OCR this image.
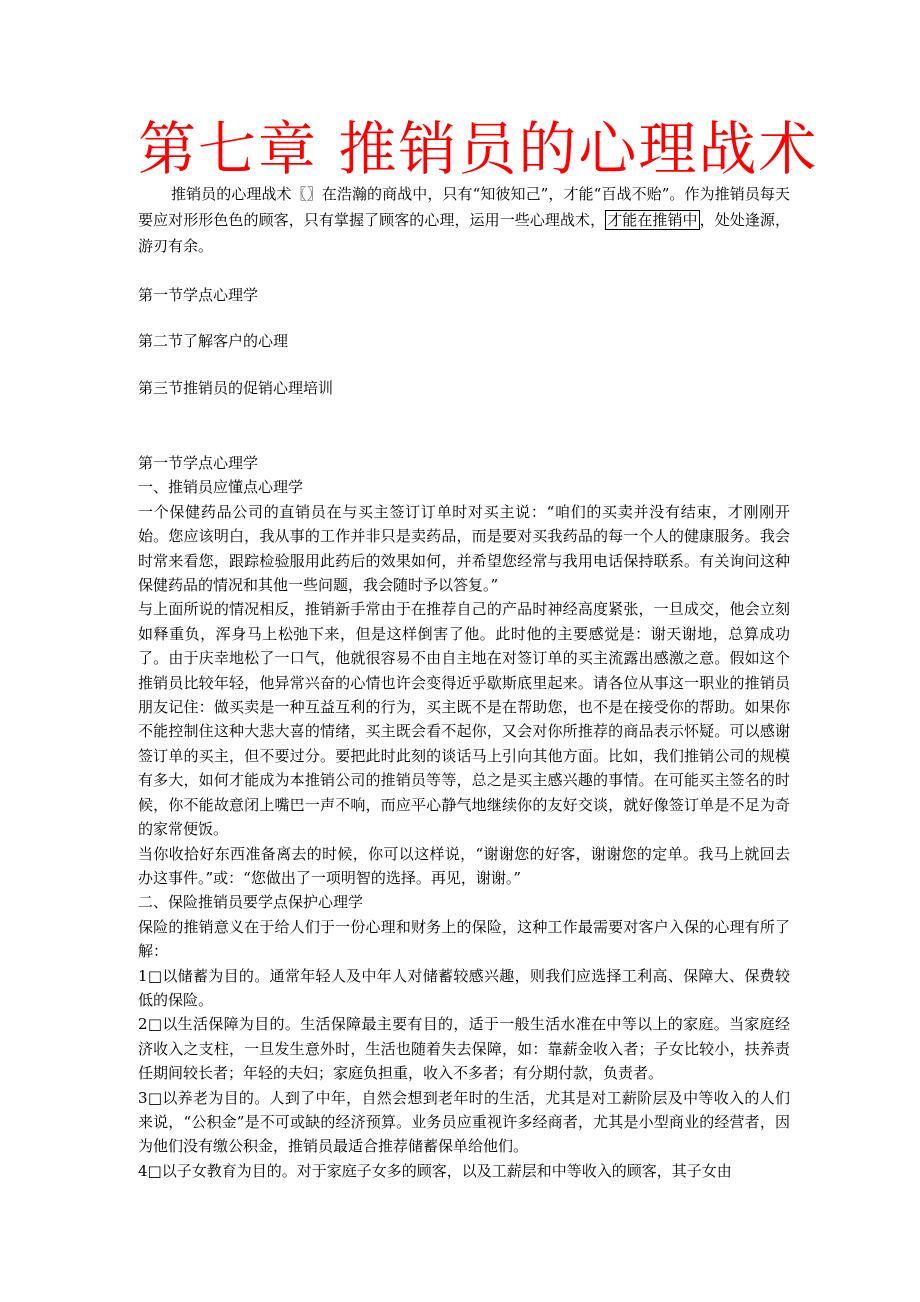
第七章 推销员的心理战术
推销员的心理战术〖〗在浩瀚的商战中，只有“知彼知己”，才能“百战不贻”。作为推销员每天要应对形形色色的顾客，只有掌握了顾客的心理，运用一些心理战术， 才能在推销中 ，处处逢源，游刃有余。
第一节学点心理学
第二节了解客户的心理
第三节推销员的促销心理培训

第一节学点心理学

一、推销员应懂点心理学

一个保健药品公司的直销员在与买主签订订单时对买主说：“咱们的买卖并没有结束，才刚刚开始。您应该明白，我从事的工作并非只是卖药品，而是要对买我药品的每一个人的健康服务。我会时常来看您，跟踪检验服用此药后的效果如何，并希望您经常与我用电话保持联系。有关询问这种保健药品的情况和其他一些问题，我会随时予以答复。”

与上面所说的情况相反，推销新手常由于在推荐自己的产品时神经高度紧张，一旦成交，他会立刻如释重负，浑身马上松弛下来，但是这样倒害了他。此时他的主要感觉是：谢天谢地，总算成功了。由于庆幸地松了一口气，他就很容易不由自主地在对签订单的买主流露出感激之意。假如这个推销员比较年轻，他异常兴奋的心情也许会变得近乎歇斯底里起来。请各位从事这一职业的推销员朋友记住：做买卖是一种互益互利的行为，买主既不是在帮助您，也不是在接受你的帮助。如果你不能控制住这种大悲大喜的情绪，买主既会看不起你，又会对你所推荐的商品表示怀疑。可以感谢签订单的买主，但不要过分。要把此时此刻的谈话马上引向其他方面。比如，我们推销公司的规模有多大，如何才能成为本推销公司的推销员等等，总之是买主感兴趣的事情。在可能买主签名的时候，你不能故意闭上嘴巴一声不响，而应平心静气地继续你的友好交谈，就好像签订单是不足为奇的家常便饭。

当你收拾好东西准备离去的时候，你可以这样说，“谢谢您的好客，谢谢您的定单。我马上就回去办这事件。”或：“您做出了一项明智的选择。再见，谢谢。”

二、保险推销员要学点保护心理学

保险的推销意义在于给人们于一份心理和财务上的保险，这种工作最需要对客户入保的心理有所了解：

1□以储蓄为目的。通常年轻人及中年人对储蓄较感兴趣，则我们应选择工利高、保障大、保费较低的保险。

2□以生活保障为目的。生活保障最主要有目的，适于一般生活水准在中等以上的家庭。当家庭经济收入之支柱，一旦发生意外时，生活也随着失去保障，如：靠薪金收入者；子女比较小，扶养责任期间较长者；年轻的夫妇；家庭负担重，收入不多者；有分期付款，负责者。

3□以养老为目的。人到了中年，自然会想到老年时的生活，尤其是对工薪阶层及中等收入的人们来说，“公积金”是不可或缺的经济预算。业务员应重视许多经商者，尤其是小型商业的经营者，因为他们没有缴公积金，推销员最适合推荐储蓄保单给他们。

4□以子女教育为目的。对于家庭子女多的顾客，以及工薪层和中等收入的顾客，其子女由
